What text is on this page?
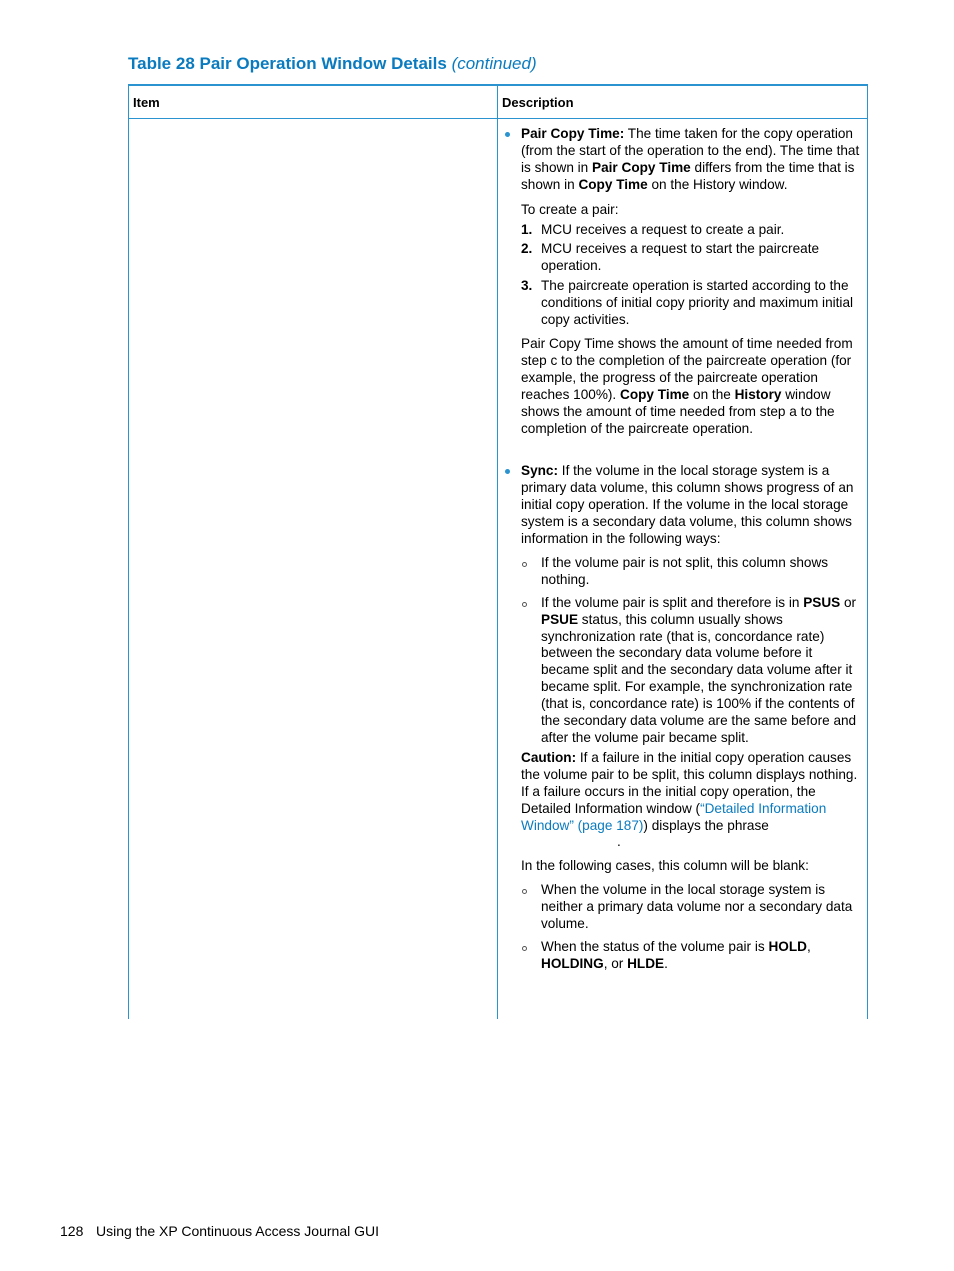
Table 28 Pair Operation Window Details (continued)
Item	Description

Pair Copy Time: The time taken for the copy operation (from the start of the operation to the end). The time that is shown in Pair Copy Time differs from the time that is shown in Copy Time on the History window.

To create a pair:

1. MCU receives a request to create a pair.
2. MCU receives a request to start the paircreate operation.
3. The paircreate operation is started according to the conditions of initial copy priority and maximum initial copy activities.

Pair Copy Time shows the amount of time needed from step c to the completion of the paircreate operation (for example, the progress of the paircreate operation reaches 100%). Copy Time on the History window shows the amount of time needed from step a to the completion of the paircreate operation.

Sync: If the volume in the local storage system is a primary data volume, this column shows progress of an initial copy operation. If the volume in the local storage system is a secondary data volume, this column shows information in the following ways:

If the volume pair is not split, this column shows nothing.
If the volume pair is split and therefore is in PSUS or PSUE status, this column usually shows synchronization rate (that is, concordance rate) between the secondary data volume before it became split and the secondary data volume after it became split. For example, the synchronization rate (that is, concordance rate) is 100% if the contents of the secondary data volume are the same before and after the volume pair became split.

Caution: If a failure in the initial copy operation causes the volume pair to be split, this column displays nothing. If a failure occurs in the initial copy operation, the Detailed Information window (“Detailed Information Window” (page 187)) displays the phrase

.

In the following cases, this column will be blank:

When the volume in the local storage system is neither a primary data volume nor a secondary data volume.
When the status of the volume pair is HOLD, HOLDING, or HLDE.
128 Using the XP Continuous Access Journal GUI
